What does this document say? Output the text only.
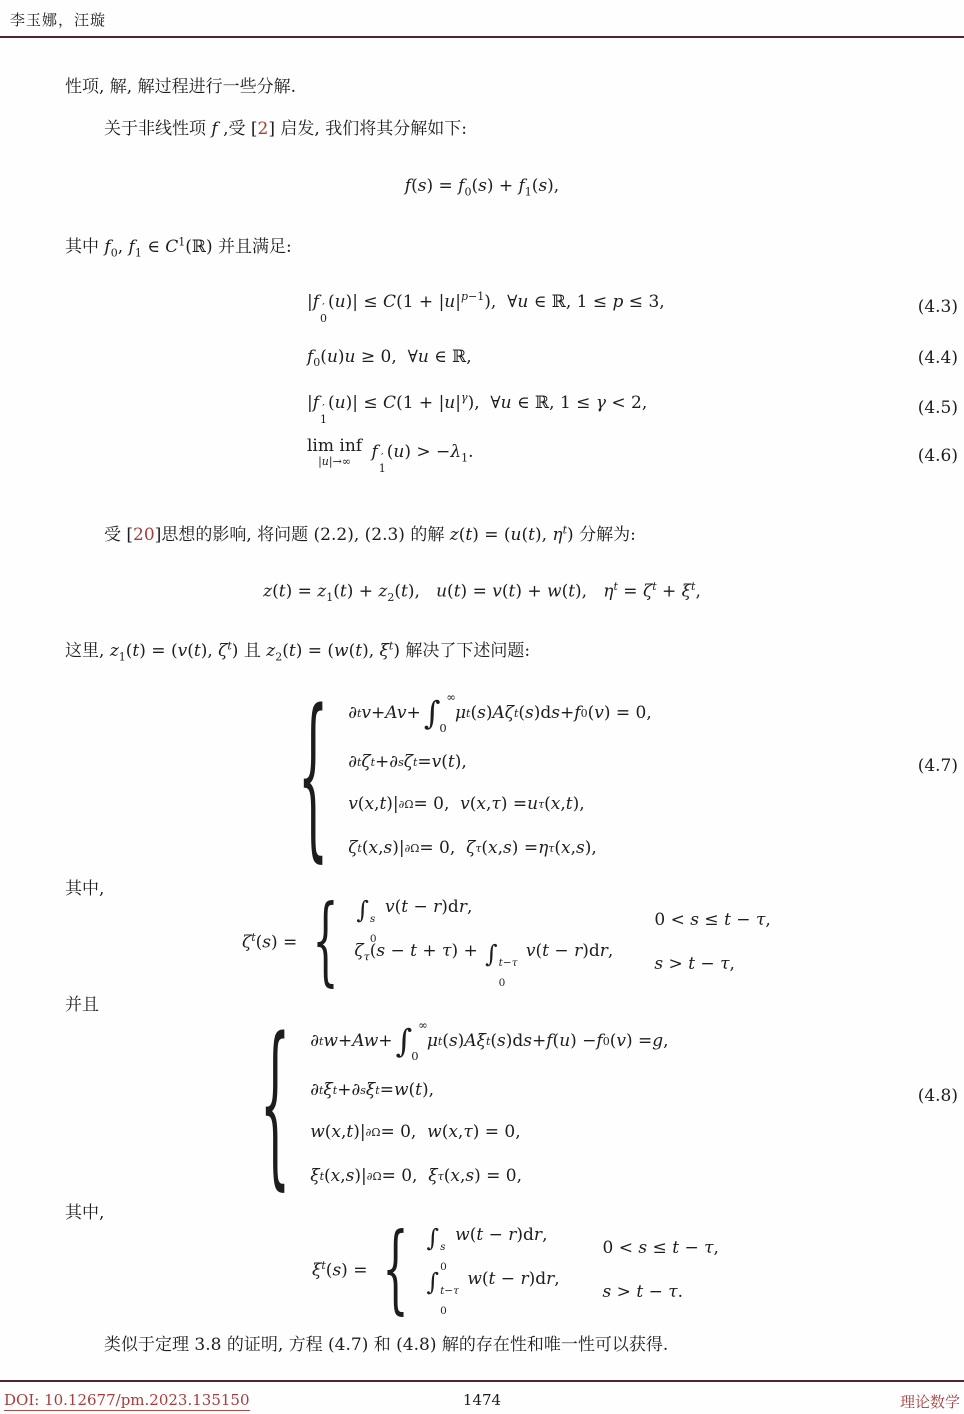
李玉娜，汪璇
性项, 解, 解过程进行一些分解.
关于非线性项 f ,受 [2] 启发, 我们将其分解如下:
$f(s) = f_0(s) + f_1(s)$,
其中 $f_0$, $f_1$ ∈ $C^1(ℝ)$ 并且满足:
|f ′
0
$(u)| \le C(1 + |u|^{p-1})$,  ∀u ∈ ℝ, 1 ≤ p ≤ 3,	(4.3)
$f_0(u)u \ge 0$,  ∀u ∈ ℝ,	(4.4)
|f ′
1
$(u)| \le C(1 + |u|^\gamma)$,  ∀u ∈ ℝ, 1 ≤ γ < 2,	(4.5)
lim inf
|u|→∞ f ′
1
$(u) > -\lambda_1$.	(4.6)
受 [20]思想的影响, 将问题 (2.2), (2.3) 的解 z(t) = (u(t), $\eta^t$) 分解为:
$z(t) = z_1(t) + z_2(t)$,   u(t) = v(t) + w(t),   $\eta^t = \zeta^t + \xi^t$,
这里, $z_1(t) = (v(t)$, $\zeta^t$) 且 $z_2(t) = (w(t)$, $\xi^t$) 解决了下述问题:
{ ∂ t v + Av + ∫ ∞
0
μ t ( s ) Aζ t ( s )d s + f 0 ( v ) = 0,
∂ t ζ t + ∂ s ζ t = v ( t ),
v ( x , t )| ∂Ω = 0, v ( x , τ ) = u τ ( x , t ),
ζ t ( x , s )| ∂Ω = 0, ζ τ ( x , s ) = η τ ( x , s ),
(4.7)
其中,
$\zeta^t(s)$ = { ∫ s
0
v(t − r)dr,
0 < s ≤ t − τ,
$\zeta_\tau(s - t + \tau)$ + ∫ t−τ
0
v(t − r)dr,
s > t − τ,
并且	{ ∂ t w + Aw + ∫ ∞
0
μ t ( s ) Aξ t ( s )d s + f ( u ) − f 0 ( v ) = g ,
∂ t ξ t + ∂ s ξ t = w ( t ),
w ( x , t )| ∂Ω = 0, w ( x , τ ) = 0,
ξ t ( x , s )| ∂Ω = 0, ξ τ ( x , s ) = 0,
(4.8)
其中,
$\xi^t(s)$ = { ∫ s
0
w(t − r)dr,
0 < s ≤ t − τ,
∫ t−τ
0
w(t − r)dr,
s > t − τ.
类似于定理 3.8 的证明, 方程 (4.7) 和 (4.8) 解的存在性和唯一性可以获得.
1474
DOI: 10.12677/pm.2023.135150	理论数学
